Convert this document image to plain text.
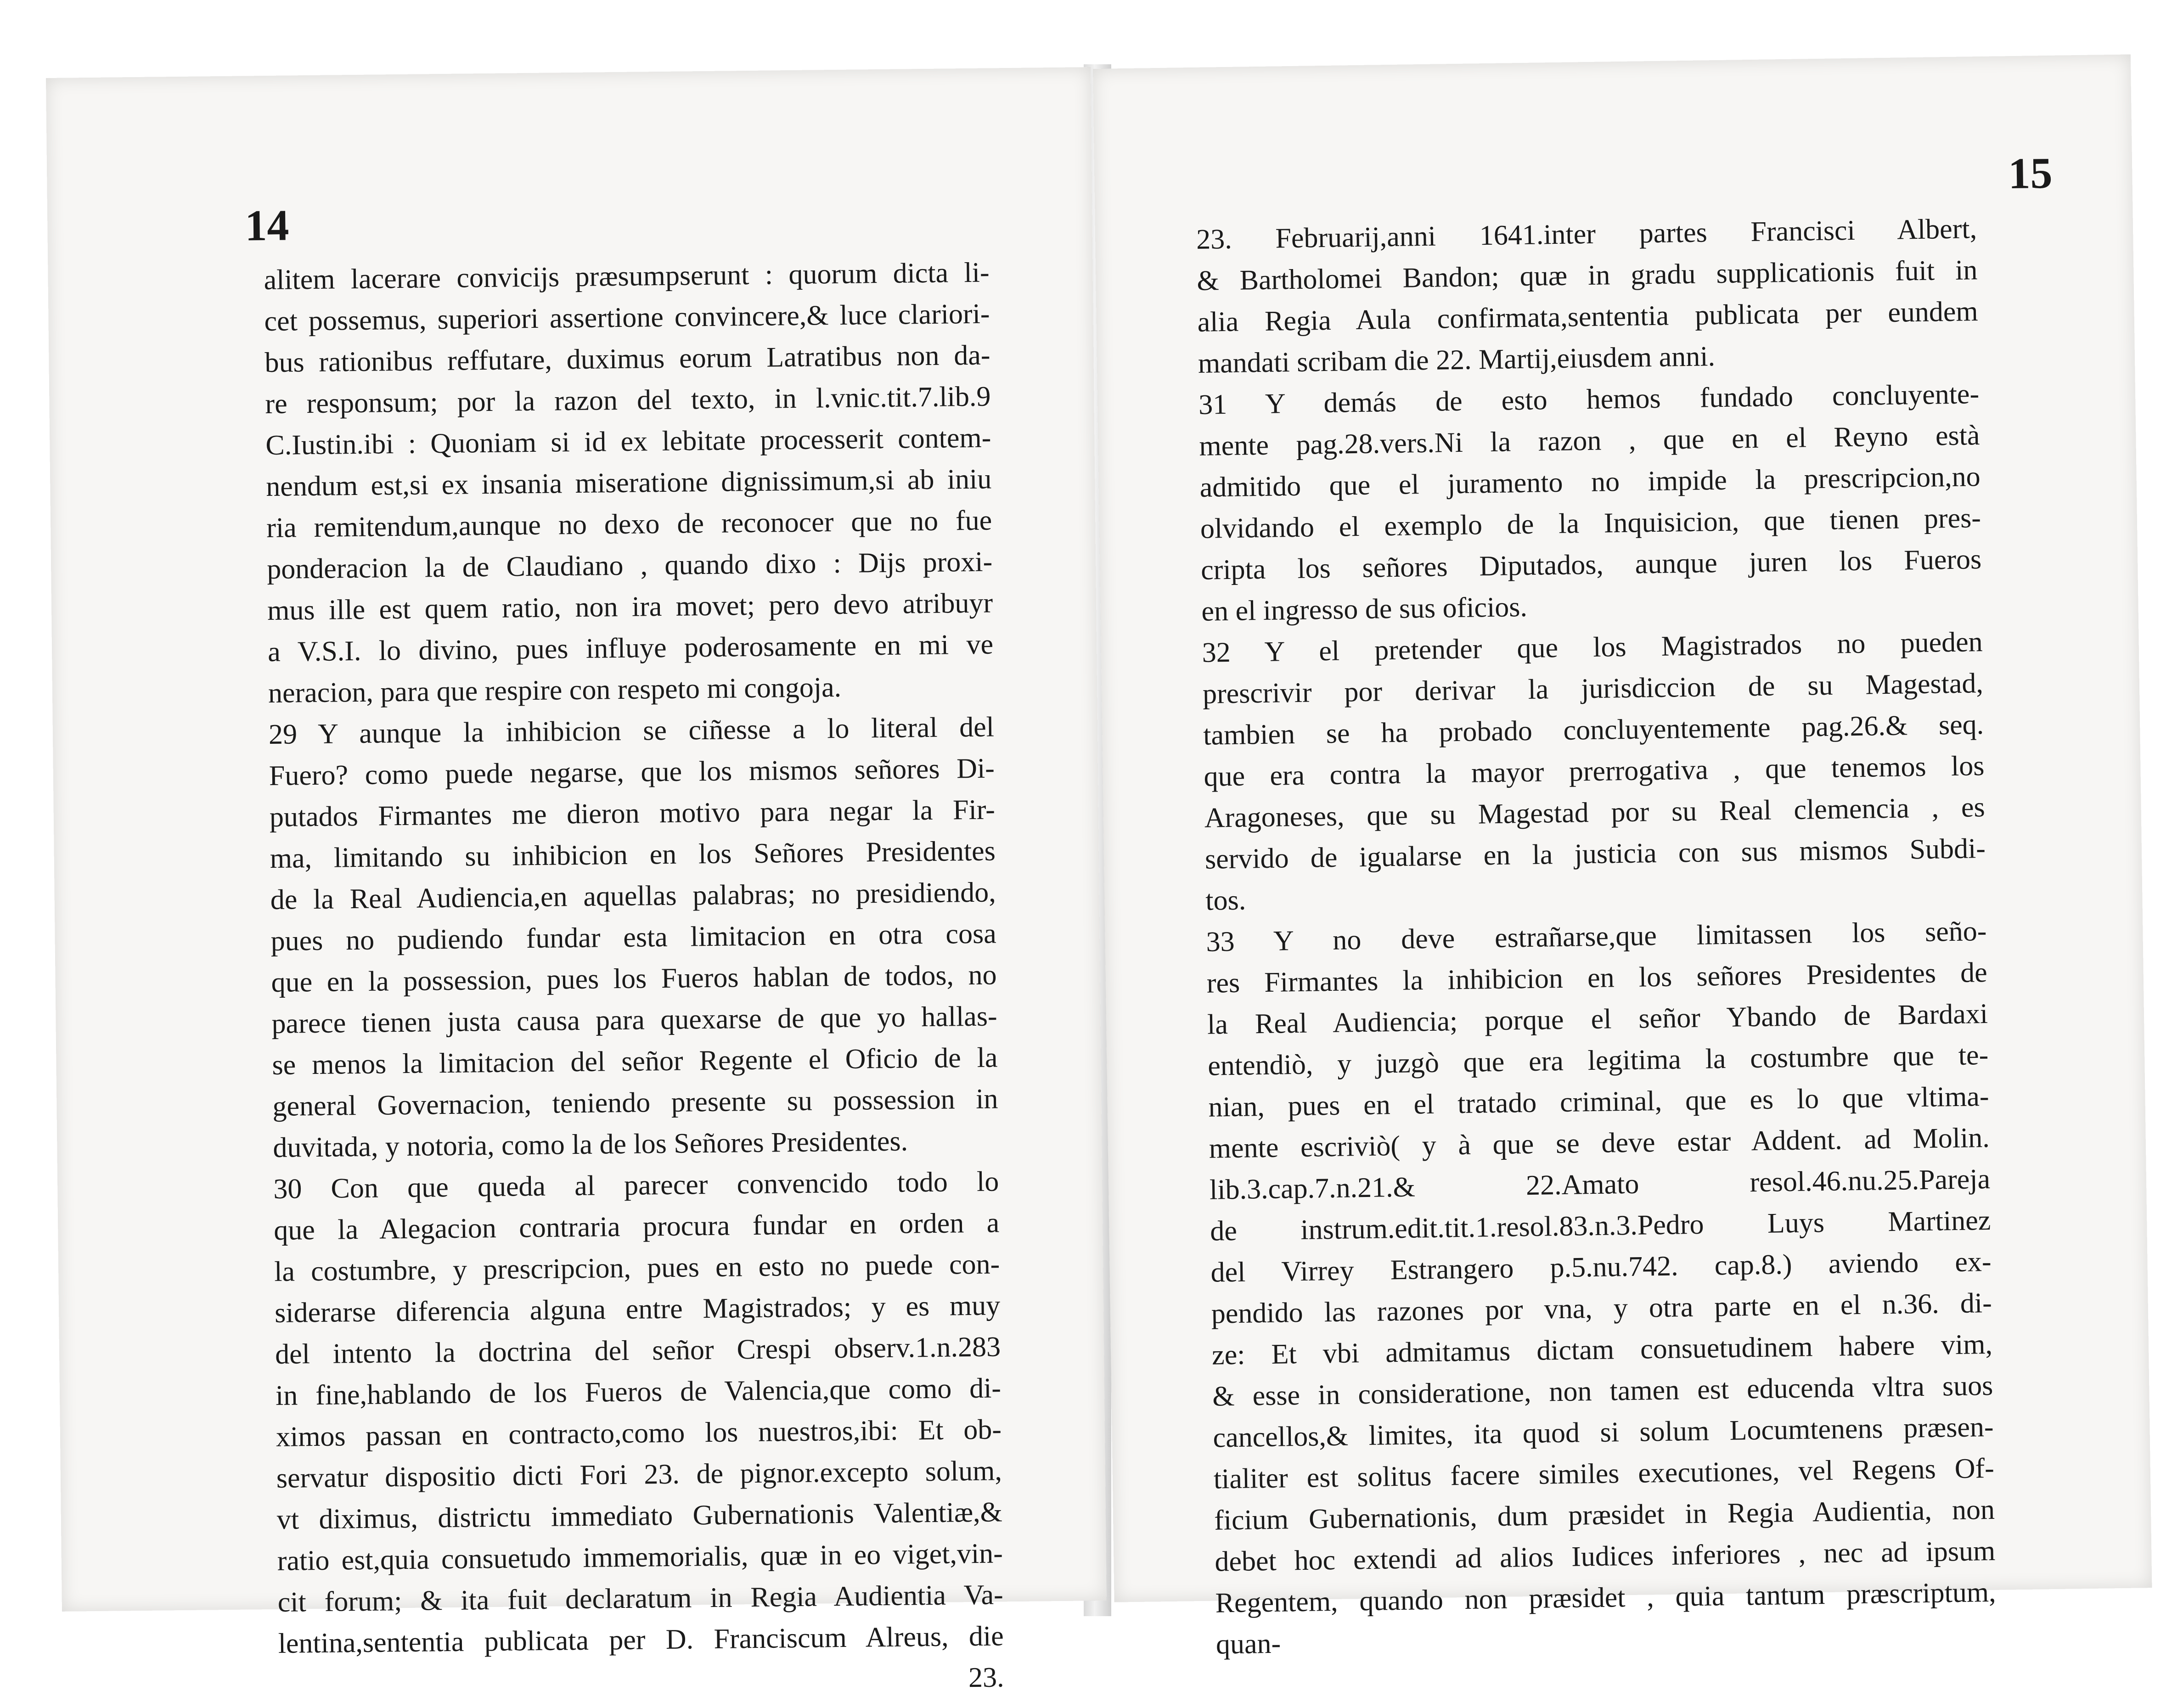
14
alitem lacerare convicijs præsumpserunt : quorum dicta li-
cet possemus, superiori assertione convincere,& luce clariori-
bus rationibus reffutare, duximus eorum Latratibus non da-
re responsum; por la razon del texto, in l.vnic.tit.7.lib.9
C.Iustin.ibi : Quoniam si id ex lebitate processerit contem-
nendum est,si ex insania miseratione dignissimum,si ab iniu
ria remitendum,aunque no dexo de reconocer que no fue
ponderacion la de Claudiano , quando dixo : Dijs proxi-
mus ille est quem ratio, non ira movet; pero devo atribuyr
a V.S.I. lo divino, pues influye poderosamente en mi ve
neracion, para que respire con respeto mi congoja.
29 Y aunque la inhibicion se ciñesse a lo literal del
Fuero? como puede negarse, que los mismos señores Di-
putados Firmantes me dieron motivo para negar la Fir-
ma, limitando su inhibicion en los Señores Presidentes
de la Real Audiencia,en aquellas palabras; no presidiendo,
pues no pudiendo fundar esta limitacion en otra cosa
que en la possession, pues los Fueros hablan de todos, no
parece tienen justa causa para quexarse de que yo hallas-
se menos la limitacion del señor Regente el Oficio de la
general Governacion, teniendo presente su possession in
duvitada, y notoria, como la de los Señores Presidentes.
30 Con que queda al parecer convencido todo lo
que la Alegacion contraria procura fundar en orden a
la costumbre, y prescripcion, pues en esto no puede con-
siderarse diferencia alguna entre Magistrados; y es muy
del intento la doctrina del señor Crespi observ.1.n.283
in fine,hablando de los Fueros de Valencia,que como di-
ximos passan en contracto,como los nuestros,ibi: Et ob-
servatur dispositio dicti Fori 23. de pignor.excepto solum,
vt diximus, districtu immediato Gubernationis Valentiæ,&
ratio est,quia consuetudo immemorialis, quæ in eo viget,vin-
cit forum; & ita fuit declaratum in Regia Audientia Va-
lentina,sententia publicata per D. Franciscum Alreus, die
23.
15
23. Februarij,anni 1641.inter partes Francisci Albert,
& Bartholomei Bandon; quæ in gradu supplicationis fuit in
alia Regia Aula confirmata,sententia publicata per eundem
mandati scribam die 22. Martij,eiusdem anni.
31 Y demás de esto hemos fundado concluyente-
mente pag.28.vers.Ni la razon , que en el Reyno està
admitido que el juramento no impide la prescripcion,no
olvidando el exemplo de la Inquisicion, que tienen pres-
cripta los señores Diputados, aunque juren los Fueros
en el ingresso de sus oficios.
32 Y el pretender que los Magistrados no pueden
prescrivir por derivar la jurisdiccion de su Magestad,
tambien se ha probado concluyentemente pag.26.& seq.
que era contra la mayor prerrogativa , que tenemos los
Aragoneses, que su Magestad por su Real clemencia , es
servido de igualarse en la justicia con sus mismos Subdi-
tos.
33 Y no deve estrañarse,que limitassen los seño-
res Firmantes la inhibicion en los señores Presidentes de
la Real Audiencia; porque el señor Ybando de Bardaxi
entendiò, y juzgò que era legitima la costumbre que te-
nian, pues en el tratado criminal, que es lo que vltima-
mente escriviò( y à que se deve estar Addent. ad Molin.
lib.3.cap.7.n.21.& 22.Amato resol.46.nu.25.Pareja
de instrum.edit.tit.1.resol.83.n.3.Pedro Luys Martinez
del Virrey Estrangero p.5.nu.742. cap.8.) aviendo ex-
pendido las razones por vna, y otra parte en el n.36. di-
ze: Et vbi admitamus dictam consuetudinem habere vim,
& esse in consideratione, non tamen est educenda vltra suos
cancellos,& limites, ita quod si solum Locumtenens præsen-
tialiter est solitus facere similes executiones, vel Regens Of-
ficium Gubernationis, dum præsidet in Regia Audientia, non
debet hoc extendi ad alios Iudices inferiores , nec ad ipsum
Regentem, quando non præsidet , quia tantum præscriptum,
quan-
